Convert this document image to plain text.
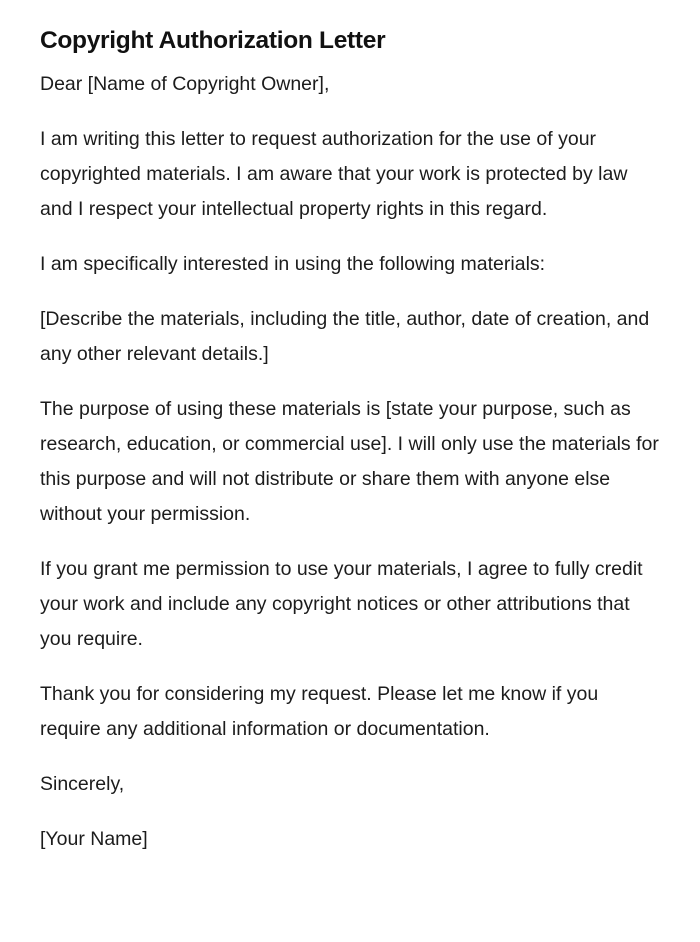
Copyright Authorization Letter

Dear [Name of Copyright Owner],

I am writing this letter to request authorization for the use of your copyrighted materials. I am aware that your work is protected by law and I respect your intellectual property rights in this regard.

I am specifically interested in using the following materials:

[Describe the materials, including the title, author, date of creation, and any other relevant details.]

The purpose of using these materials is [state your purpose, such as research, education, or commercial use]. I will only use the materials for this purpose and will not distribute or share them with anyone else without your permission.

If you grant me permission to use your materials, I agree to fully credit your work and include any copyright notices or other attributions that you require.

Thank you for considering my request. Please let me know if you require any additional information or documentation.

Sincerely,

[Your Name]
